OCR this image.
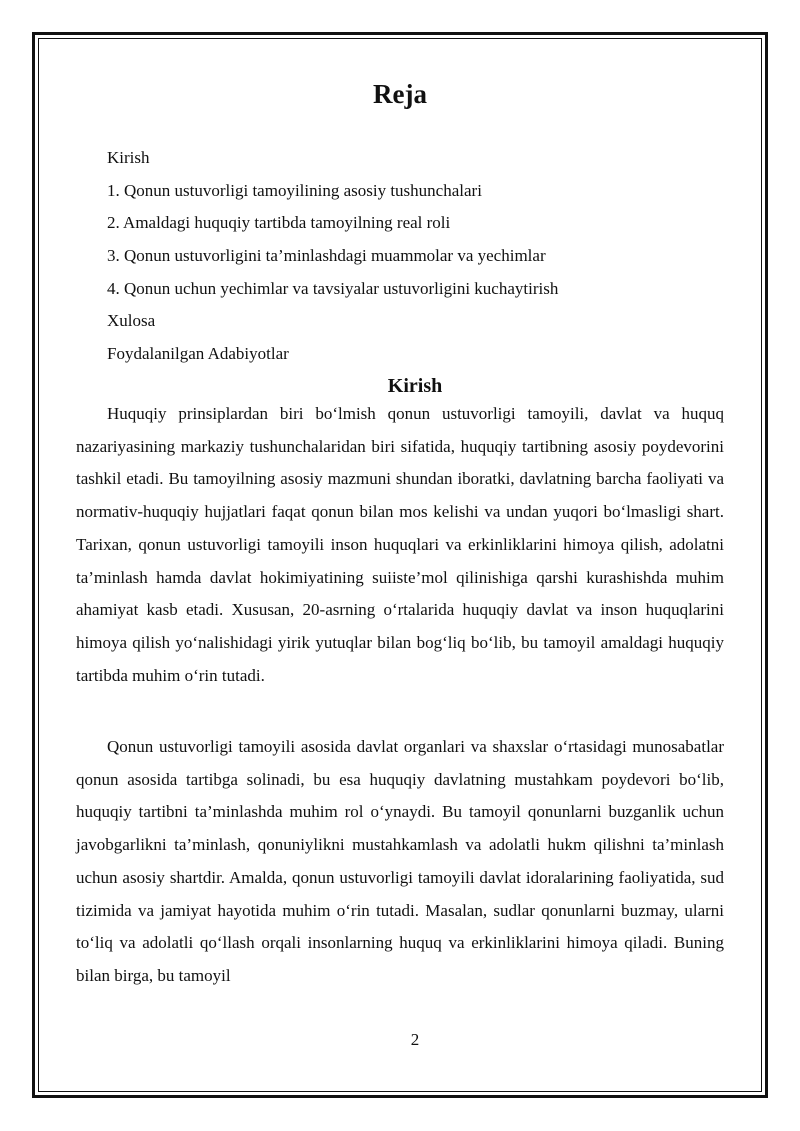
Reja
Kirish
1. Qonun ustuvorligi tamoyilining asosiy tushunchalari
2. Amaldagi huquqiy tartibda tamoyilning real roli
3. Qonun ustuvorligini ta’minlashdagi muammolar va yechimlar
4. Qonun uchun yechimlar va tavsiyalar ustuvorligini kuchaytirish
Xulosa
Foydalanilgan Adabiyotlar
Kirish

Huquqiy prinsiplardan biri bo‘lmish qonun ustuvorligi tamoyili, davlat va huquq nazariyasining markaziy tushunchalaridan biri sifatida, huquqiy tartibning asosiy poydevorini tashkil etadi. Bu tamoyilning asosiy mazmuni shundan iboratki, davlatning barcha faoliyati va normativ-huquqiy hujjatlari faqat qonun bilan mos kelishi va undan yuqori bo‘lmasligi shart. Tarixan, qonun ustuvorligi tamoyili inson huquqlari va erkinliklarini himoya qilish, adolatni ta’minlash hamda davlat hokimiyatining suiiste’mol qilinishiga qarshi kurashishda muhim ahamiyat kasb etadi. Xususan, 20-asrning o‘rtalarida huquqiy davlat va inson huquqlarini himoya qilish yo‘nalishidagi yirik yutuqlar bilan bog‘liq bo‘lib, bu tamoyil amaldagi huquqiy tartibda muhim o‘rin tutadi.

Qonun ustuvorligi tamoyili asosida davlat organlari va shaxslar o‘rtasidagi munosabatlar qonun asosida tartibga solinadi, bu esa huquqiy davlatning mustahkam poydevori bo‘lib, huquqiy tartibni ta’minlashda muhim rol o‘ynaydi. Bu tamoyil qonunlarni buzganlik uchun javobgarlikni ta’minlash, qonuniylikni mustahkamlash va adolatli hukm qilishni ta’minlash uchun asosiy shartdir. Amalda, qonun ustuvorligi tamoyili davlat idoralarining faoliyatida, sud tizimida va jamiyat hayotida muhim o‘rin tutadi. Masalan, sudlar qonunlarni buzmay, ularni to‘liq va adolatli qo‘llash orqali insonlarning huquq va erkinliklarini himoya qiladi. Buning bilan birga, bu tamoyil

2
